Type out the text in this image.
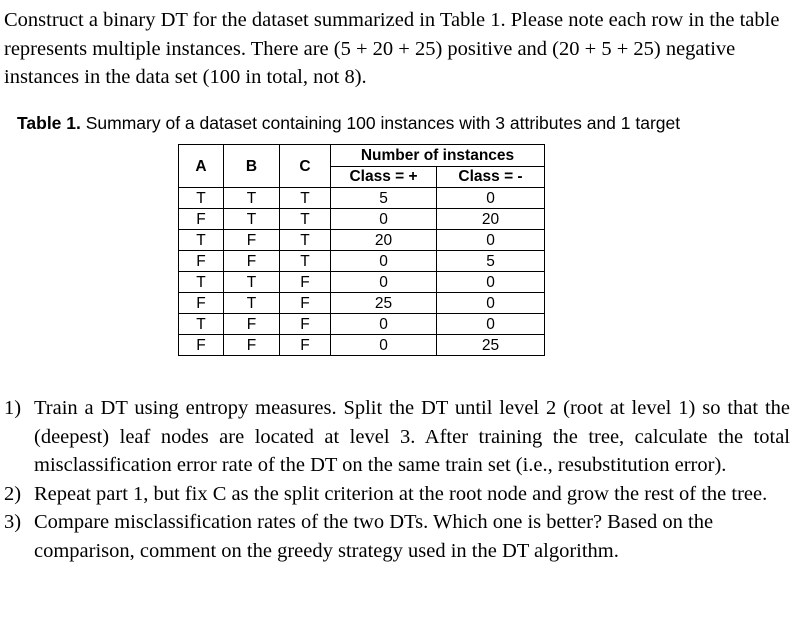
Construct a binary DT for the dataset summarized in Table 1. Please note each row in the table represents multiple instances. There are (5 + 20 + 25) positive and (20 + 5 + 25) negative instances in the data set (100 in total, not 8).

Table 1. Summary of a dataset containing 100 instances with 3 attributes and 1 target

A	B	C	Number of instances	
			Class = +	Class = -
T	T	T	5	0
F	T	T	0	20
T	F	T	20	0
F	F	T	0	5
T	T	F	0	0
F	T	F	25	0
T	F	F	0	0
F	F	F	0	25
1) Train a DT using entropy measures. Split the DT until level 2 (root at level 1) so that the (deepest) leaf nodes are located at level 3. After training the tree, calculate the total misclassification error rate of the DT on the same train set (i.e., resubstitution error).
2) Repeat part 1, but fix C as the split criterion at the root node and grow the rest of the tree.
3) Compare misclassification rates of the two DTs. Which one is better? Based on the comparison, comment on the greedy strategy used in the DT algorithm.
